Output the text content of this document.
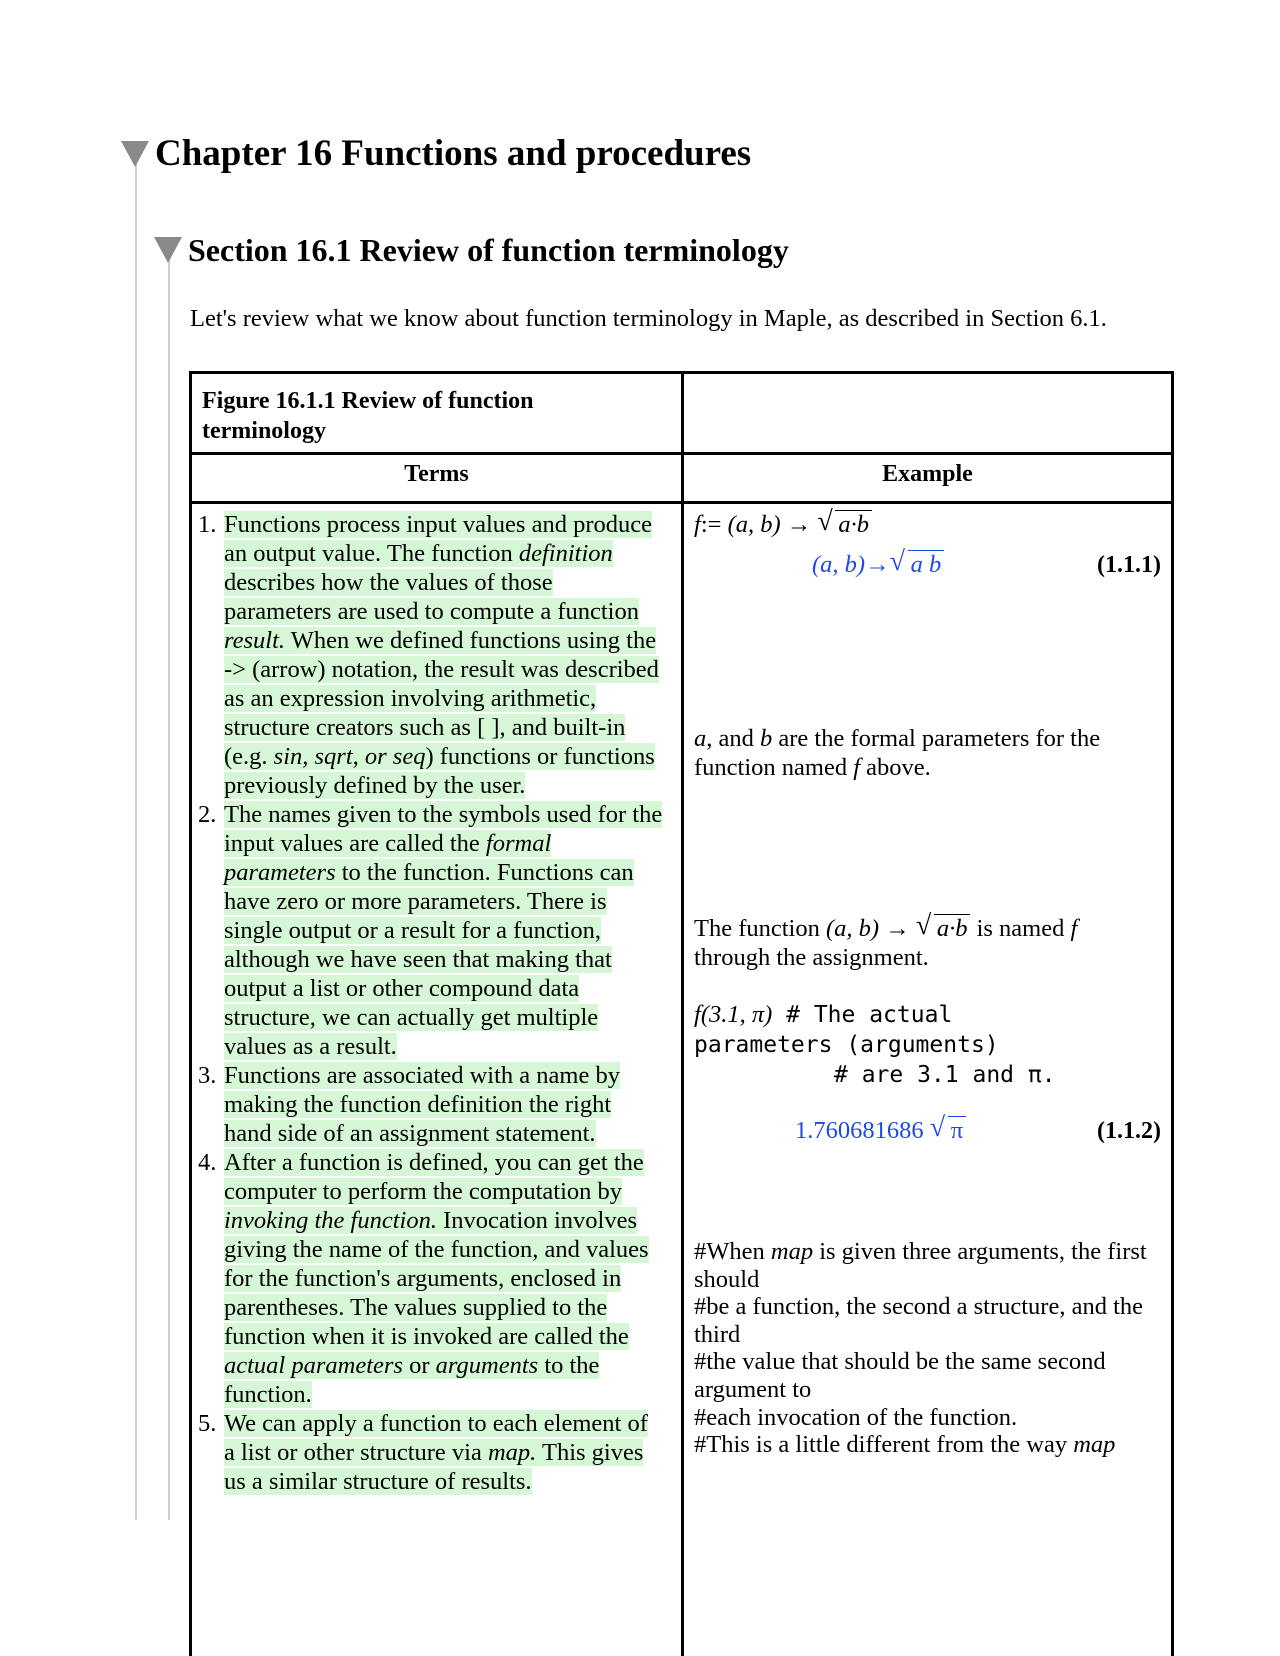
Chapter 16 Functions and procedures
Section 16.1 Review of function terminology

Let's review what we know about function terminology in Maple, as described in Section 6.1.

Figure 16.1.1 Review of function terminology

Terms	Example
1. Functions process input values and produce an output value. The function definition describes how the values of those parameters are used to compute a function result. When we defined functions using the -> (arrow) notation, the result was described as an expression involving arithmetic, structure creators such as [ ], and built-in (e.g. sin, sqrt, or seq) functions or functions previously defined by the user.
2. The names given to the symbols used for the input values are called the formal parameters to the function. Functions can have zero or more parameters. There is single output or a result for a function, although we have seen that making that output a list or other compound data structure, we can actually get multiple values as a result.
3. Functions are associated with a name by making the function definition the right hand side of an assignment statement.
4. After a function is defined, you can get the computer to perform the computation by invoking the function. Invocation involves giving the name of the function, and values for the function's arguments, enclosed in parentheses. The values supplied to the function when it is invoked are called the actual parameters or arguments to the function.
5. We can apply a function to each element of a list or other structure via map. This gives us a similar structure of results.
f:= (a, b) → √ a·b
(a, b)→√ a b	(1.1.1)

a, and b are the formal parameters for the function named f above.

The function (a, b) → √ a·b is named f through the assignment.

f(3.1, π) # The actual
parameters (arguments)
# are 3.1 and π.
1.760681686 √ π	(1.1.2)
#When map is given three arguments, the first should
#be a function, the second a structure, and the third
#the value that should be the same second argument to
#each invocation of the function.
#This is a little different from the way map
